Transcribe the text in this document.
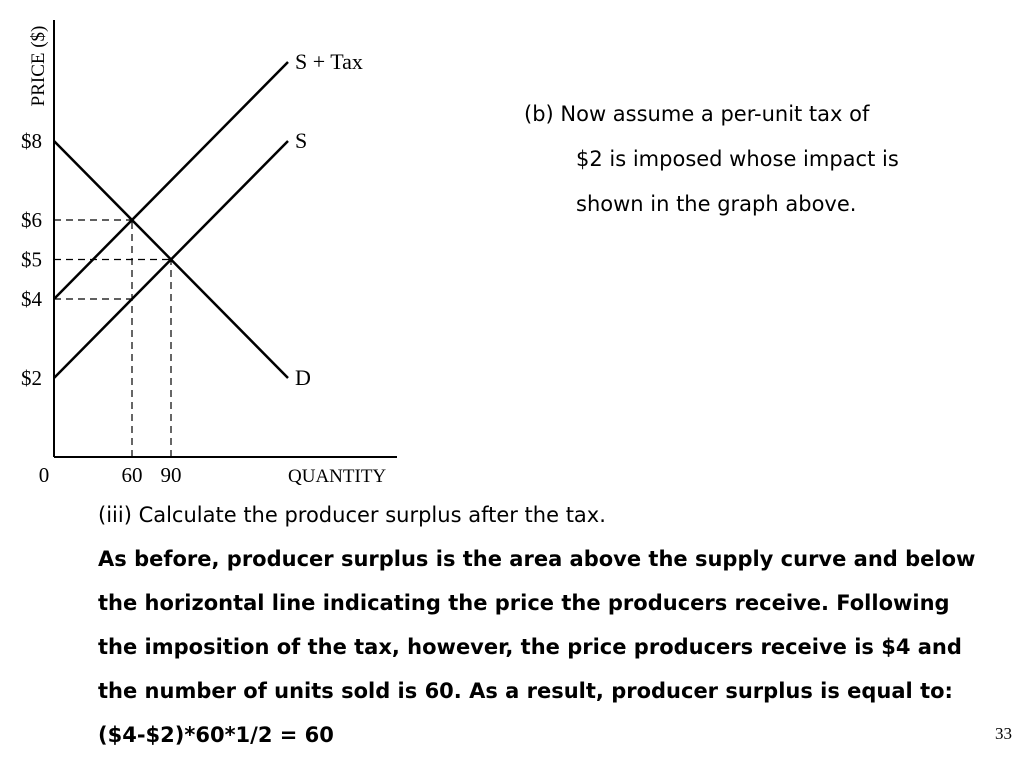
S + Tax
S
D
$8
$6
$5
$4
$2
0	60 90	QUANTITY
PRICE ($)
(b) Now assume a per-unit tax of
$2 is imposed whose impact is
shown in the graph above.
(iii) Calculate the producer surplus after the tax.
As before, producer surplus is the area above the supply curve and below
the horizontal line indicating the price the producers receive. Following
the imposition of the tax, however, the price producers receive is $4 and
the number of units sold is 60. As a result, producer surplus is equal to:
($4-$2)*60*1/2 = 60	33
